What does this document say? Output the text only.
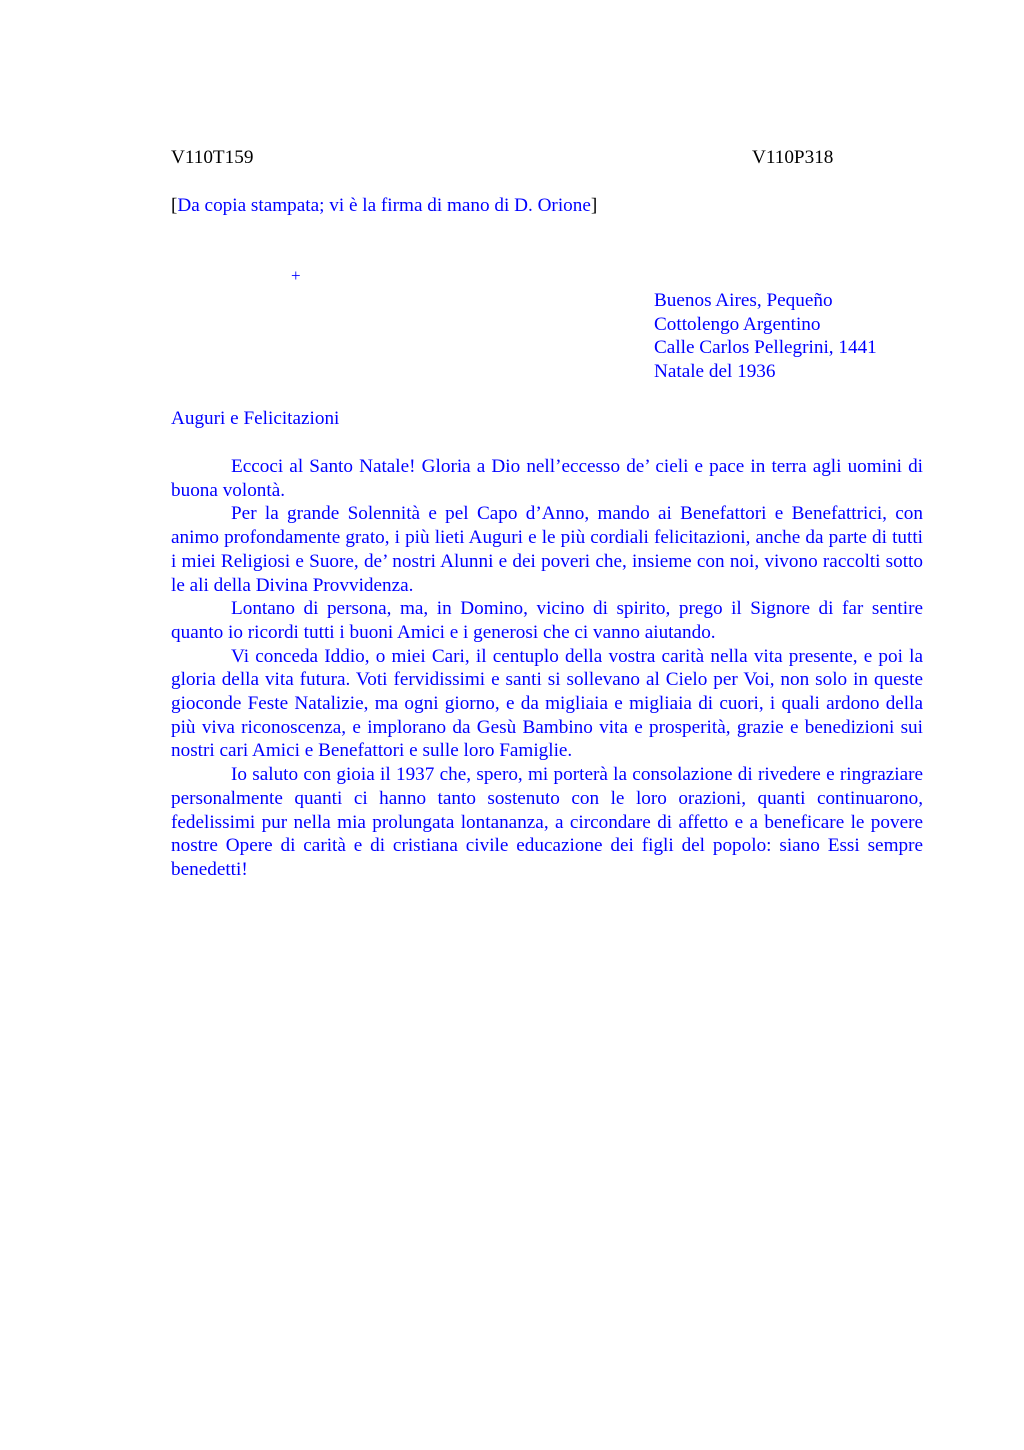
V110T159	V110P318
[Da copia stampata; vi è la firma di mano di D. Orione]
+
Buenos Aires, Pequeño
Cottolengo Argentino
Calle Carlos Pellegrini, 1441
Natale del 1936
Auguri e Felicitazioni

Eccoci al Santo Natale! Gloria a Dio nell’eccesso de’ cieli e pace in terra agli uomini di buona volontà.

Per la grande Solennità e pel Capo d’Anno, mando ai Benefattori e Benefattrici, con animo profondamente grato, i più lieti Auguri e le più cordiali felicitazioni, anche da parte di tutti i miei Religiosi e Suore, de’ nostri Alunni e dei poveri che, insieme con noi, vivono raccolti sotto le ali della Divina Provvidenza.

Lontano di persona, ma, in Domino, vicino di spirito, prego il Signore di far sentire quanto io ricordi tutti i buoni Amici e i generosi che ci vanno aiutando.

Vi conceda Iddio, o miei Cari, il centuplo della vostra carità nella vita presente, e poi la gloria della vita futura. Voti fervidissimi e santi si sollevano al Cielo per Voi, non solo in queste gioconde Feste Natalizie, ma ogni giorno, e da migliaia e migliaia di cuori, i quali ardono della più viva riconoscenza, e implorano da Gesù Bambino vita e prosperità, grazie e benedizioni sui nostri cari Amici e Benefattori e sulle loro Famiglie.

Io saluto con gioia il 1937 che, spero, mi porterà la consolazione di rivedere e ringraziare personalmente quanti ci hanno tanto sostenuto con le loro orazioni, quanti continuarono, fedelissimi pur nella mia prolungata lontananza, a circondare di affetto e a beneficare le povere nostre Opere di carità e di cristiana civile educazione dei figli del popolo: siano Essi sempre benedetti!
